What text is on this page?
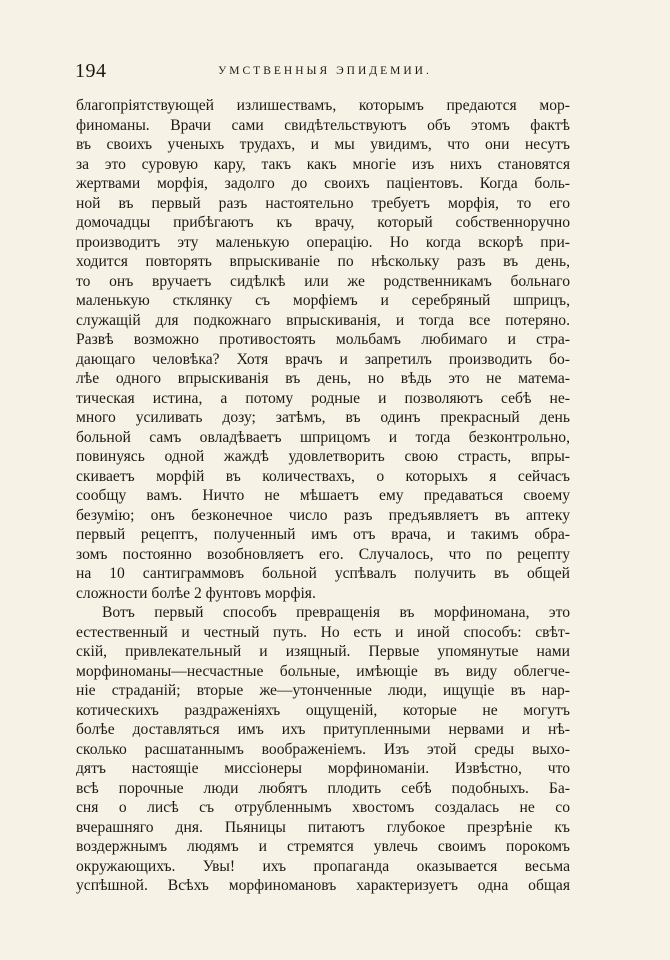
194	УМСТВЕННЫЯ ЭПИДЕМИИ.
благопріятствующей излишествамъ, которымъ предаются мор-
финоманы. Врачи сами свидѣтельствуютъ объ этомъ фактѣ
въ своихъ ученыхъ трудахъ, и мы увидимъ, что они несутъ
за это суровую кару, такъ какъ многіе изъ нихъ становятся
жертвами морфія, задолго до своихъ паціентовъ. Когда боль-
ной въ первый разъ настоятельно требуетъ морфія, то его
домочадцы прибѣгаютъ къ врачу, который собственноручно
производитъ эту маленькую операцію. Но когда вскорѣ при-
ходится повторять впрыскиваніе по нѣскольку разъ въ день,
то онъ вручаетъ сидѣлкѣ или же родственникамъ больнаго
маленькую стклянку съ морфіемъ и серебряный шприцъ,
служащій для подкожнаго впрыскиванія, и тогда все потеряно.
Развѣ возможно противостоять мольбамъ любимаго и стра-
дающаго человѣка? Хотя врачъ и запретилъ производить бо-
лѣе одного впрыскиванія въ день, но вѣдь это не матема-
тическая истина, а потому родные и позволяютъ себѣ не-
много усиливать дозу; затѣмъ, въ одинъ прекрасный день
больной самъ овладѣваетъ шприцомъ и тогда безконтрольно,
повинуясь одной жаждѣ удовлетворить свою страсть, впры-
скиваетъ морфій въ количествахъ, о которыхъ я сейчасъ
сообщу вамъ. Ничто не мѣшаетъ ему предаваться своему
безумію; онъ безконечное число разъ предъявляетъ въ аптеку
первый рецептъ, полученный имъ отъ врача, и такимъ обра-
зомъ постоянно возобновляетъ его. Случалось, что по рецепту
на 10 сантиграммовъ больной успѣвалъ получить въ общей
сложности болѣе 2 фунтовъ морфія.
Вотъ первый способъ превращенія въ морфиномана, это
естественный и честный путь. Но есть и иной способъ: свѣт-
скій, привлекательный и изящный. Первые упомянутые нами
морфиноманы—несчастные больные, имѣющіе въ виду облегче-
ніе страданій; вторые же—утонченные люди, ищущіе въ нар-
котическихъ раздраженіяхъ ощущеній, которые не могутъ
болѣе доставляться имъ ихъ притупленными нервами и нѣ-
сколько расшатаннымъ воображеніемъ. Изъ этой среды выхо-
дятъ настоящіе миссіонеры морфиноманіи. Извѣстно, что
всѣ порочные люди любятъ плодить себѣ подобныхъ. Ба-
сня о лисѣ съ отрубленнымъ хвостомъ создалась не со
вчерашняго дня. Пьяницы питаютъ глубокое презрѣніе къ
воздержнымъ людямъ и стремятся увлечь своимъ порокомъ
окружающихъ. Увы! ихъ пропаганда оказывается весьма
успѣшной. Всѣхъ морфиномановъ характеризуетъ одна общая
